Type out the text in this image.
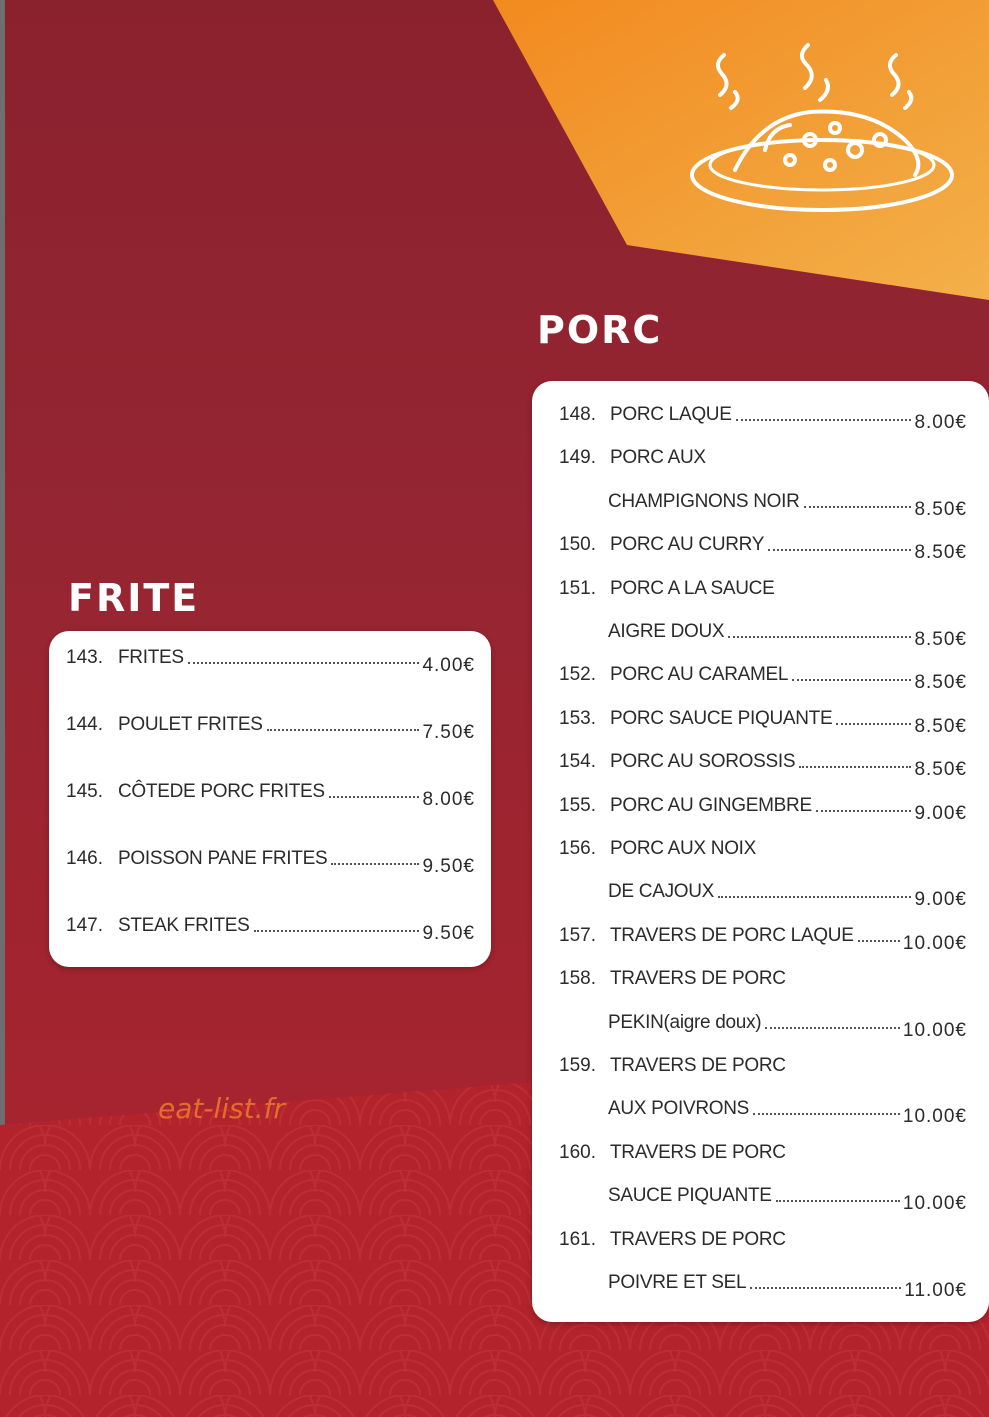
FRITE
PORC
143. FRITES	4.00€
144. POULET FRITES	7.50€
145. CÔTEDE PORC FRITES	8.00€
146. POISSON PANE FRITES	9.50€
147. STEAK FRITES	9.50€
148. PORC LAQUE	8.00€
149. PORC AUX
CHAMPIGNONS NOIR	8.50€
150. PORC AU CURRY	8.50€
151. PORC A LA SAUCE
AIGRE DOUX	8.50€
152. PORC AU CARAMEL	8.50€
153. PORC SAUCE PIQUANTE	8.50€
154. PORC AU SOROSSIS	8.50€
155. PORC AU GINGEMBRE	9.00€
156. PORC AUX NOIX
DE CAJOUX	9.00€
157. TRAVERS DE PORC LAQUE	10.00€
158. TRAVERS DE PORC
PEKIN(aigre doux)	10.00€
159. TRAVERS DE PORC
AUX POIVRONS	10.00€
160. TRAVERS DE PORC
SAUCE PIQUANTE	10.00€
161. TRAVERS DE PORC
POIVRE ET SEL	11.00€
eat-list.fr
